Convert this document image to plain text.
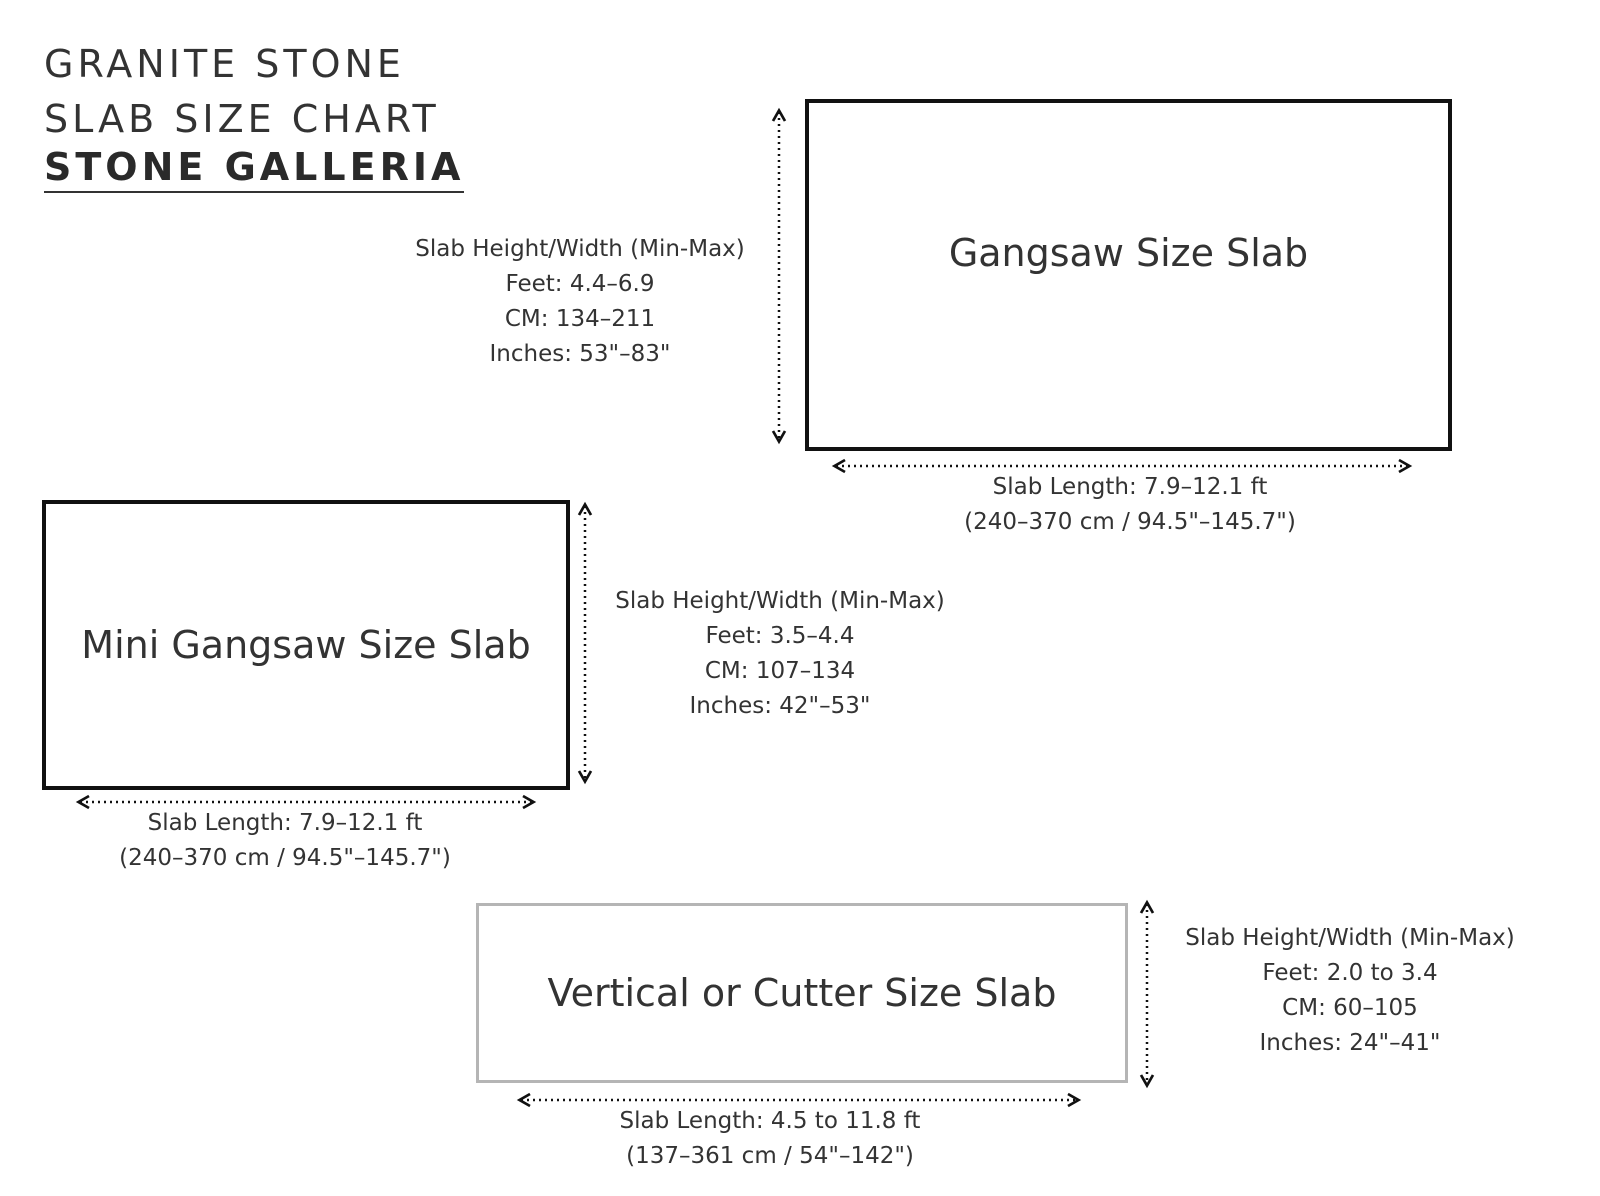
GRANITE STONE
SLAB SIZE CHART
STONE GALLERIA
Gangsaw Size Slab
Slab Height/Width (Min-Max)
Feet: 4.4–6.9
CM: 134–211
Inches: 53"–83"
Slab Length: 7.9–12.1 ft
(240–370 cm / 94.5"–145.7")
Mini Gangsaw Size Slab
Slab Height/Width (Min-Max)
Feet: 3.5–4.4
CM: 107–134
Inches: 42"–53"
Slab Length: 7.9–12.1 ft
(240–370 cm / 94.5"–145.7")
Vertical or Cutter Size Slab
Slab Height/Width (Min-Max)
Feet: 2.0 to 3.4
CM: 60–105
Inches: 24"–41"
Slab Length: 4.5 to 11.8 ft
(137–361 cm / 54"–142")
